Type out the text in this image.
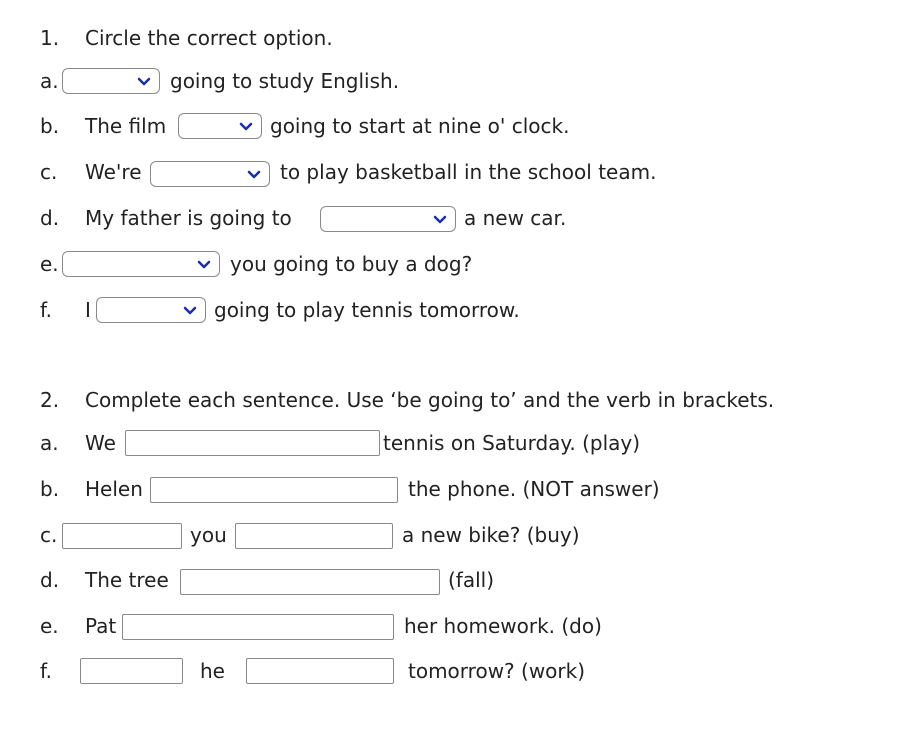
1. Circle the correct option.
a.	going to study English.
b. The film	going to start at nine o' clock.
c. We're	to play basketball in the school team.
d. My father is going to	a new car.
e.	you going to buy a dog?
f. I	going to play tennis tomorrow.
2. Complete each sentence. Use ‘be going to’ and the verb in brackets.
a. We	tennis on Saturday. (play)
b. Helen	the phone. (NOT answer)
c.	you	a new bike? (buy)
d. The tree	(fall)
e. Pat	her homework. (do)
f.	he	tomorrow? (work)
